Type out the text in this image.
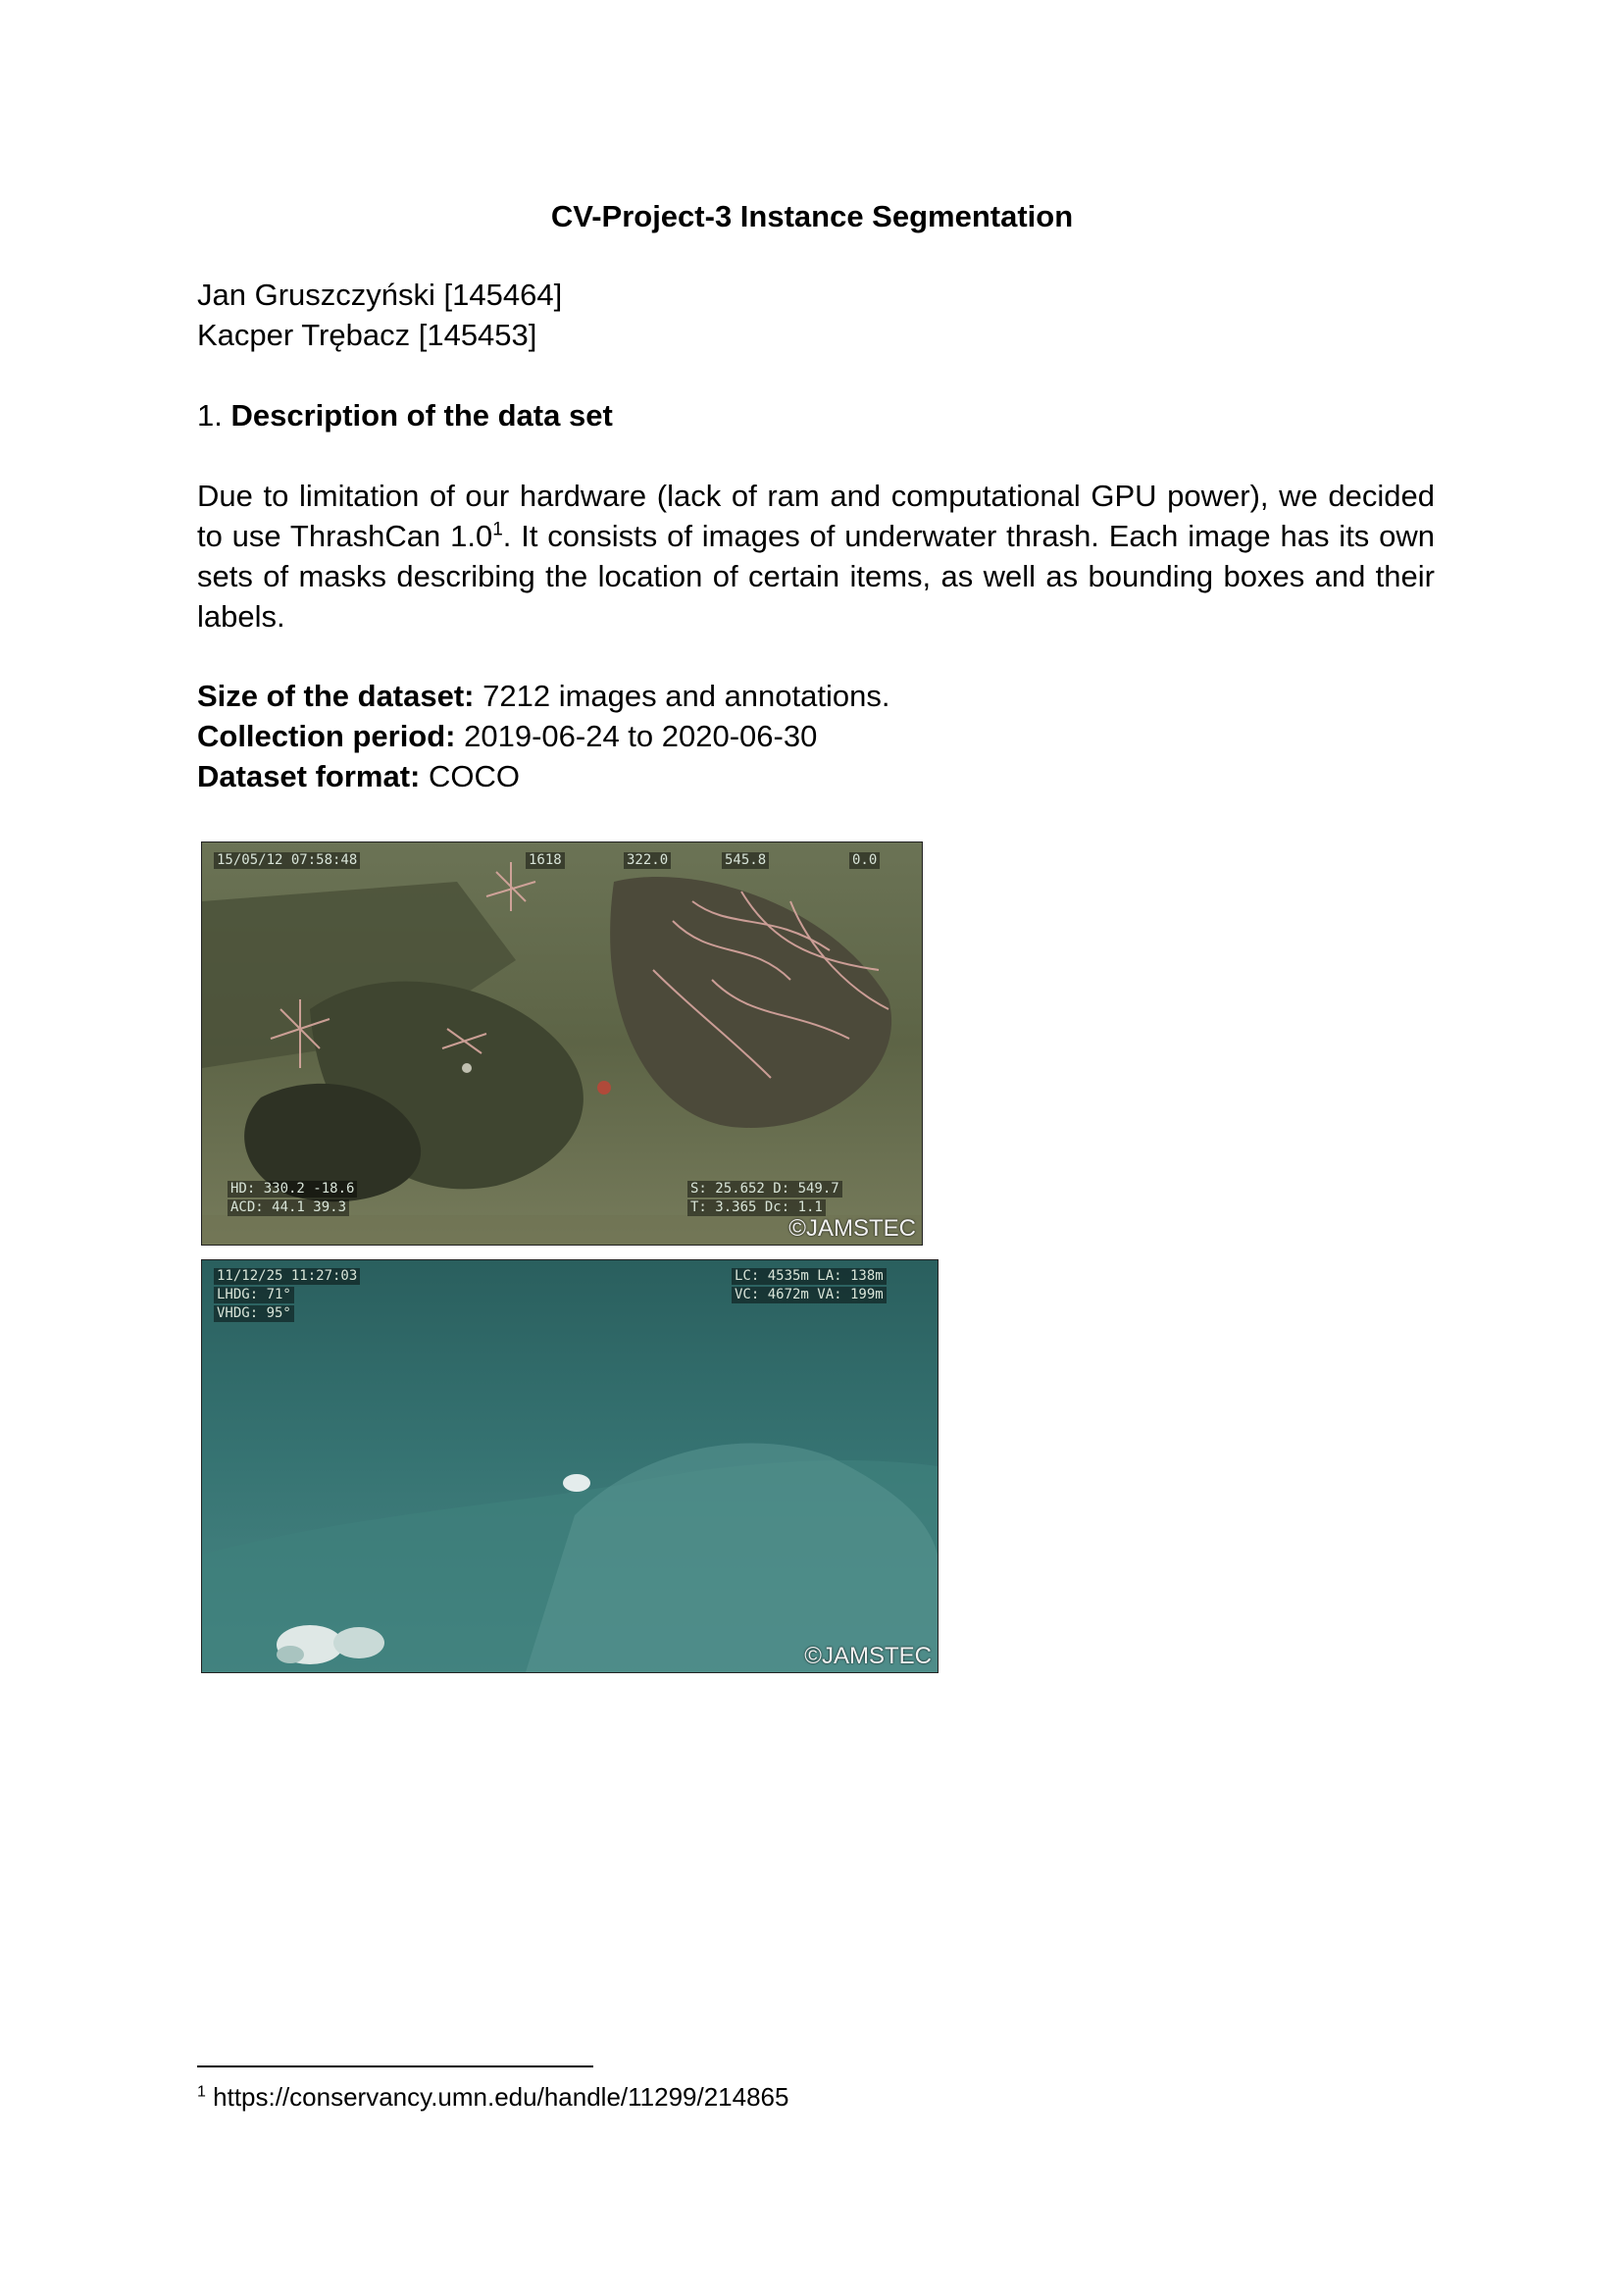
CV-Project-3 Instance Segmentation

Jan Gruszczyński [145464]

Kacper Trębacz [145453]

1. Description of the data set

Due to limitation of our hardware (lack of ram and computational GPU power), we decided to use ThrashCan $1.0^1$. It consists of images of underwater thrash. Each image has its own sets of masks describing the location of certain items, as well as bounding boxes and their labels.

Size of the dataset: 7212 images and annotations.

Collection period: 2019-06-24 to 2020-06-30

Dataset format: COCO

15/05/12 07:58:48	1618	322.0	545.8	0.0
HD: 330.2 -18.6
ACD: 44.1 39.3
S: 25.652 D: 549.7
T: 3.365 Dc: 1.1
©JAMSTEC
11/12/25 11:27:03
LHDG: 71°
VHDG: 95°
LC: 4535m LA: 138m
VC: 4672m VA: 199m
©JAMSTEC

$^1$ https://conservancy.umn.edu/handle/11299/214865
